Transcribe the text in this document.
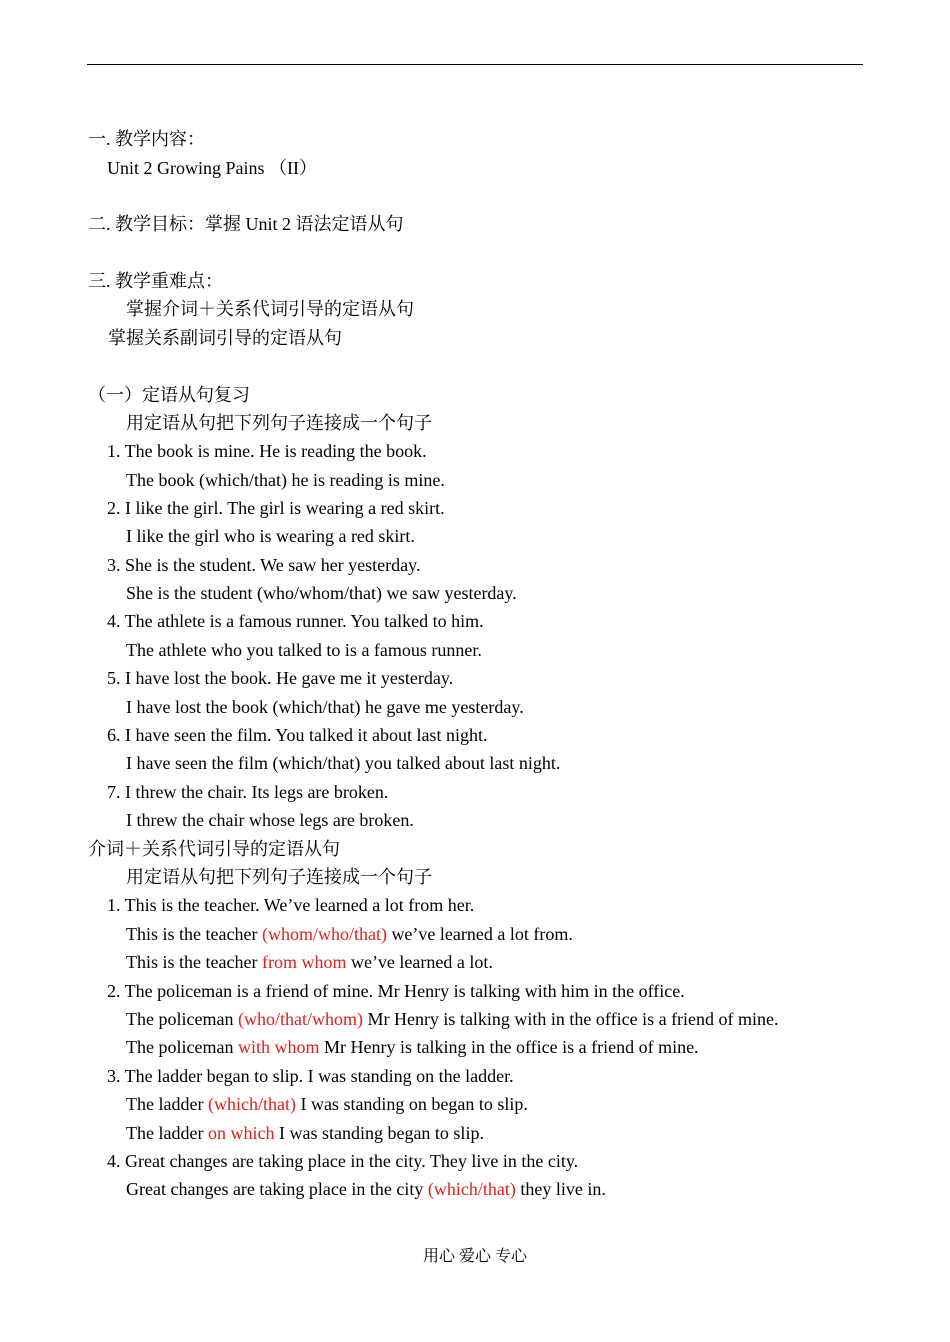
一. 教学内容：
Unit 2 Growing Pains （II）
二. 教学目标：掌握 Unit 2 语法定语从句
三. 教学重难点：
掌握介词＋关系代词引导的定语从句
掌握关系副词引导的定语从句
（一）定语从句复习
用定语从句把下列句子连接成一个句子
1. The book is mine. He is reading the book.
The book (which/that) he is reading is mine.
2. I like the girl. The girl is wearing a red skirt.
I like the girl who is wearing a red skirt.
3. She is the student. We saw her yesterday.
She is the student (who/whom/that) we saw yesterday.
4. The athlete is a famous runner. You talked to him.
The athlete who you talked to is a famous runner.
5. I have lost the book. He gave me it yesterday.
I have lost the book (which/that) he gave me yesterday.
6. I have seen the film. You talked it about last night.
I have seen the film (which/that) you talked about last night.
7. I threw the chair. Its legs are broken.
I threw the chair whose legs are broken.
介词＋关系代词引导的定语从句
用定语从句把下列句子连接成一个句子
1. This is the teacher. We’ve learned a lot from her.
This is the teacher (whom/who/that) we’ve learned a lot from.
This is the teacher from whom we’ve learned a lot.
2. The policeman is a friend of mine. Mr Henry is talking with him in the office.
The policeman (who/that/whom) Mr Henry is talking with in the office is a friend of mine.
The policeman with whom Mr Henry is talking in the office is a friend of mine.
3. The ladder began to slip. I was standing on the ladder.
The ladder (which/that) I was standing on began to slip.
The ladder on which I was standing began to slip.
4. Great changes are taking place in the city. They live in the city.
Great changes are taking place in the city (which/that) they live in.
用心 爱心 专心
